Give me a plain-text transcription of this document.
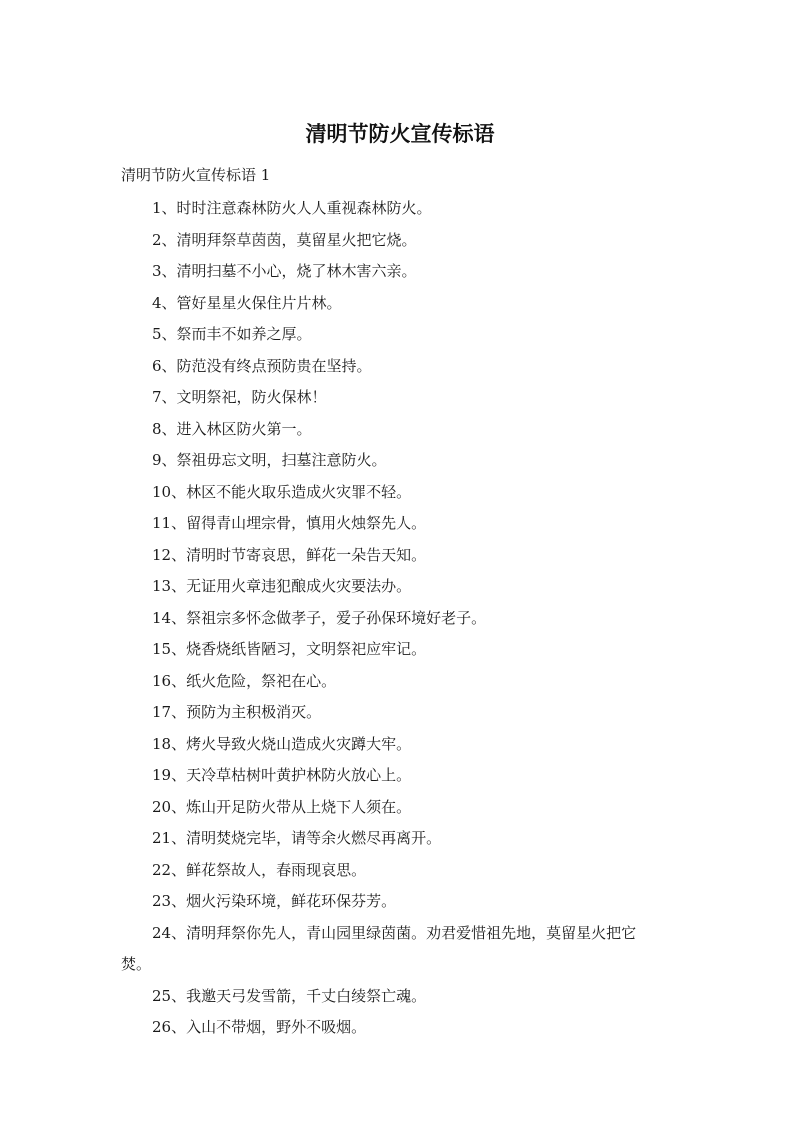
清明节防火宣传标语

清明节防火宣传标语 1

1、时时注意森林防火人人重视森林防火。
2、清明拜祭草茵茵，莫留星火把它烧。
3、清明扫墓不小心，烧了林木害六亲。
4、管好星星火保住片片林。
5、祭而丰不如养之厚。
6、防范没有终点预防贵在坚持。
7、文明祭祀，防火保林！
8、进入林区防火第一。
9、祭祖毋忘文明，扫墓注意防火。
10、林区不能火取乐造成火灾罪不轻。
11、留得青山埋宗骨，慎用火烛祭先人。
12、清明时节寄哀思，鲜花一朵告天知。
13、无证用火章违犯酿成火灾要法办。
14、祭祖宗多怀念做孝子，爱子孙保环境好老子。
15、烧香烧纸皆陋习，文明祭祀应牢记。
16、纸火危险，祭祀在心。
17、预防为主积极消灭。
18、烤火导致火烧山造成火灾蹲大牢。
19、天冷草枯树叶黄护林防火放心上。
20、炼山开足防火带从上烧下人须在。
21、清明焚烧完毕，请等余火燃尽再离开。
22、鲜花祭故人，春雨现哀思。
23、烟火污染环境，鲜花环保芬芳。
24、清明拜祭你先人，青山园里绿茵菌。劝君爱惜祖先地，莫留星火把它
焚。
25、我邀天弓发雪箭，千丈白绫祭亡魂。
26、入山不带烟，野外不吸烟。
